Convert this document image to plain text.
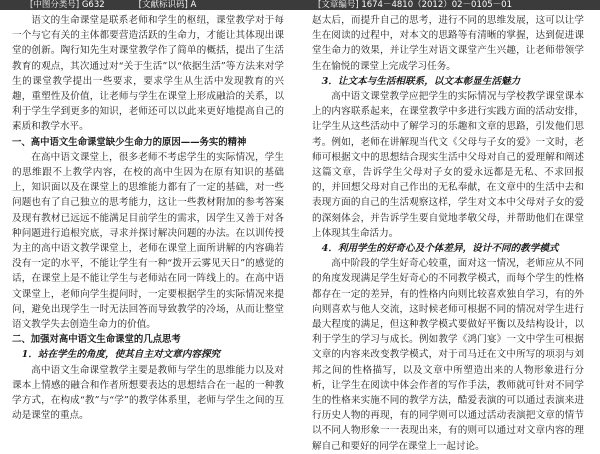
[中图分类号] G632　　　　[文献标识码] A	[文章编号] 1674－4810（2012）02－0105－01

语文的生命课堂是联系老师和学生的枢纽，课堂教学对于每一个与它有关的主体都要营造活跃的生命力，才能让其体现出课堂的创新。陶行知先生对课堂教学作了简单的概括，提出了生活教育的观点，其次通过对“关于生活”以“依据生活”等方法来对学生的课堂教学提出一些要求，要求学生从生活中发现教育的兴趣，重塑性及价值，让老师与学生在课堂上形成融洽的关系，以利于学生学到更多的知识，老师还可以以此来更好地提高自己的素质和教学水平。

一、高中语文生命课堂缺少生命力的原因——务实的精神

在高中语文课堂上，很多老师不考虑学生的实际情况，学生的思维跟不上教学内容，在校的高中生因为在原有知识的基础上，知识面以及在课堂上的思维能力都有了一定的基础，对一些问题也有了自己独立的思考能力，这让一些教材附加的参考答案及现有教材已远远不能满足目前学生的需求，因学生又善于对各种问题进行追根究底，寻求并探讨解决问题的办法。在以训传授为主的高中语文教学课堂上，老师在课堂上面所讲解的内容确若没有一定的水平，不能让学生有一种“拨开云雾见天日”的感觉的话，在课堂上是不能让学生与老师站在同一阵线上的。在高中语文课堂上，老师向学生提问时，一定要根据学生的实际情况来提问，避免出现学生一时无法回答而导致教学的冷场，从而让整堂语文教学失去创造生命力的价值。

二、加强对高中语文生命课堂的几点思考

1．站在学生的角度，使其自主对文章内容探究

高中语文生命课堂教学主要是教师与学生的思维能力以及对课本上情感的融合和作者所想要表达的思想结合在一起的一种教学方式，在构成“教”与“学”的教学体系里，老师与学生之间的互动是课堂的重点。

赵太后，而提升自己的思考，进行不同的思维发展，这可以让学生在阅读的过程中，对本文的思路等有清晰的掌握，达到促进课堂生命力的效果，并让学生对语文课堂产生兴趣，让老师带领学生在愉悦的课堂上完成学习任务。

3．让文本与生活相联系，以文本彰显生活魅力

高中语文课堂教学应把学生的实际情况与学校教学课堂课本上的内容联系起来，在课堂教学中多进行实践方面的活动安排，让学生从这些活动中了解学习的乐趣和文章的思路，引发他们思考。例如，老师在讲解现当代文《父母与子女的爱》一文时，老师可根据文中的思想结合现实生活中父母对自己的爱理解和阐述这篇文章，告诉学生父母对子女的爱永远都是无私、不求回报的，并回想父母对自己作出的无私奉献，在文章中的生活中去和表现方面的自己的生活观察这样，学生对文本中父母对子女的爱的深刻体会，并告诉学生要自觉地孝敬父母，并帮助他们在课堂上体现其生命活力。

4．利用学生的好奇心及个体差异，设计不同的教学模式

高中阶段的学生好奇心较重，面对这一情况，老师应从不同的角度发现满足学生好奇心的不同教学模式，而每个学生的性格都存在一定的差异，有的性格内向则比较喜欢独自学习，有的外向则喜欢与他人交流，这时候老师可根据不同的情况对学生进行最大程度的满足，但这种教学模式要做好平衡以及结构设计，以利于学生的学习与成长。例如教学《鸿门宴》一文中学生可根据文章的内容来改变教学模式，对于司马迁在文中所写的项羽与刘邦之间的性格描写，以及文章中所塑造出来的人物形象进行分析，让学生在阅读中体会作者的写作手法，教师就可针对不同学生的性格来实施不同的教学方法，酷爱表演的可以通过表演来进行历史人物的再现，有的同学则可以通过活动表演把文章的情节以不同人物形象一一表现出来，有的则可以通过对文章内容的理解自己和要好的同学在课堂上一起讨论。
